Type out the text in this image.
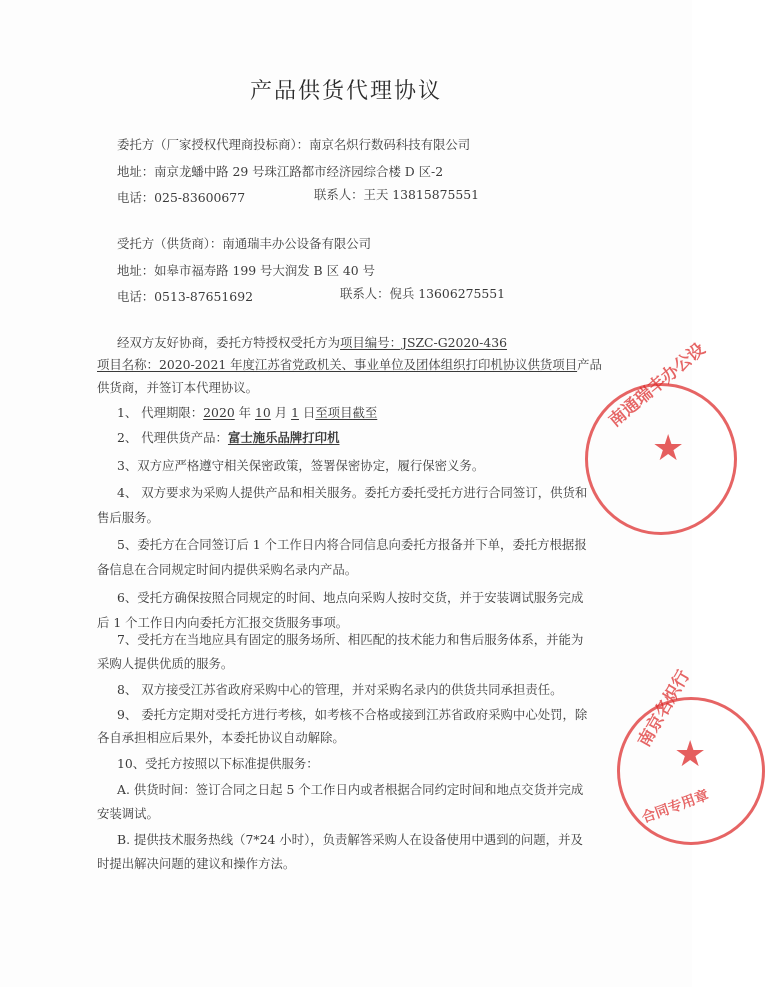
产品供货代理协议
委托方（厂家授权代理商投标商）：南京名炽行数码科技有限公司
地址：南京龙蟠中路 29 号珠江路都市经济园综合楼 D 区-2
电话：025-83600677	联系人：王天 13815875551
受托方（供货商）：南通瑞丰办公设备有限公司
地址：如皋市福寿路 199 号大润发 B 区 40 号
电话：0513-87651692	联系人：倪兵 13606275551
经双方友好协商，委托方特授权受托方为项目编号：JSZC-G2020-436
项目名称：2020-2021 年度江苏省党政机关、事业单位及团体组织打印机协议供货项目产品
供货商，并签订本代理协议。
1、 代理期限：2020 年 10 月 1 日至项目截至
2、 代理供货产品：富士施乐品牌打印机
3、双方应严格遵守相关保密政策，签署保密协定，履行保密义务。
4、 双方要求为采购人提供产品和相关服务。委托方委托受托方进行合同签订，供货和
售后服务。
5、委托方在合同签订后 1 个工作日内将合同信息向委托方报备并下单，委托方根据报
备信息在合同规定时间内提供采购名录内产品。
6、受托方确保按照合同规定的时间、地点向采购人按时交货，并于安装调试服务完成
后 1 个工作日内向委托方汇报交货服务事项。
7、受托方在当地应具有固定的服务场所、相匹配的技术能力和售后服务体系，并能为
采购人提供优质的服务。
8、 双方接受江苏省政府采购中心的管理，并对采购名录内的供货共同承担责任。
9、 委托方定期对受托方进行考核，如考核不合格或接到江苏省政府采购中心处罚，除
各自承担相应后果外，本委托协议自动解除。
10、受托方按照以下标准提供服务：
A. 供货时间：签订合同之日起 5 个工作日内或者根据合同约定时间和地点交货并完成
安装调试。
B. 提供技术服务热线（7*24 小时），负责解答采购人在设备使用中遇到的问题，并及
时提出解决问题的建议和操作方法。
南通瑞丰办公设
★
南京名炽行
合同专用章
★
